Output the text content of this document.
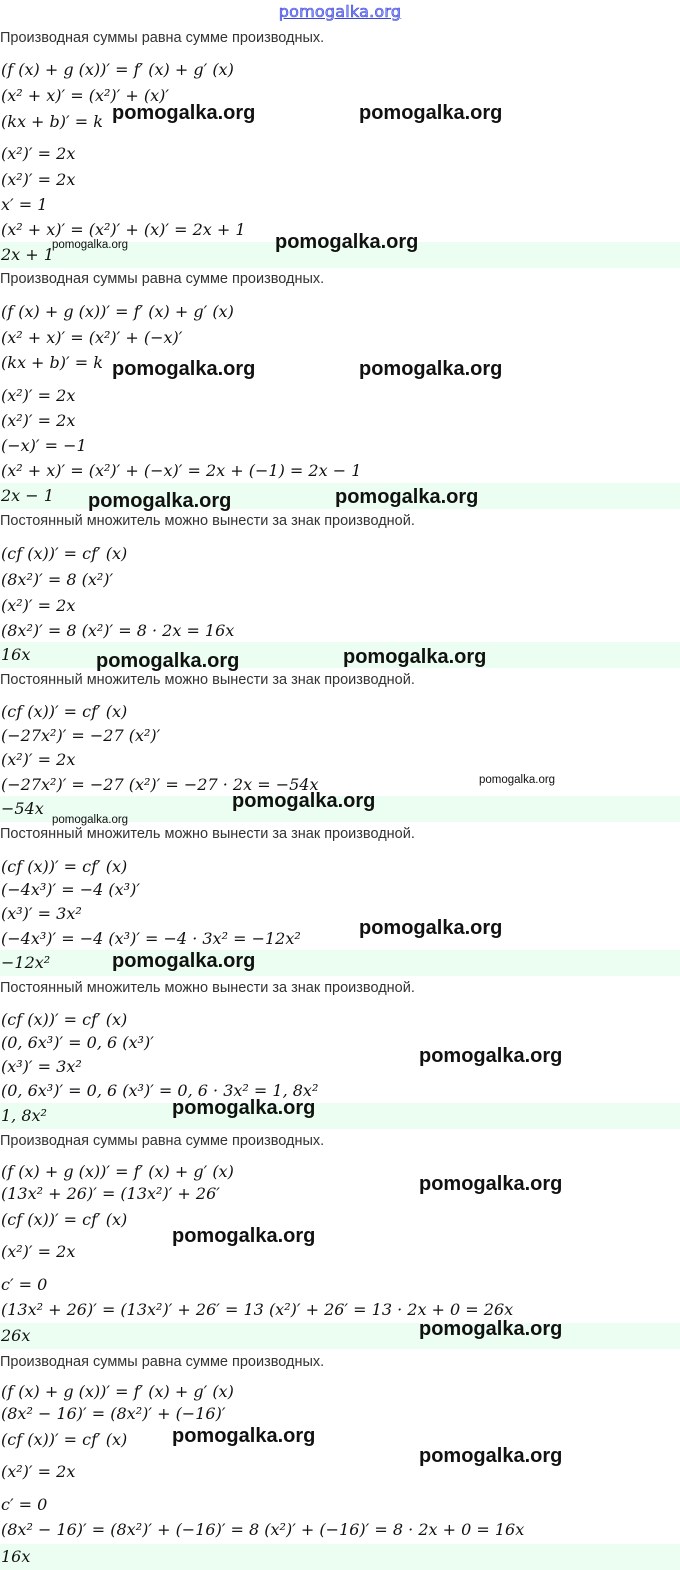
pomogalka.org
Производная суммы равна сумме производных.
(f (x) + g (x))′ = f′ (x) + g′ (x)
(x² + x)′ = (x²)′ + (x)′
(kx + b)′ = k
(x²)′ = 2x
(x²)′ = 2x
x′ = 1
(x² + x)′ = (x²)′ + (x)′ = 2x + 1
2x + 1
Производная суммы равна сумме производных.
(f (x) + g (x))′ = f′ (x) + g′ (x)
(x² + x)′ = (x²)′ + (−x)′
(kx + b)′ = k
(x²)′ = 2x
(x²)′ = 2x
(−x)′ = −1
(x² + x)′ = (x²)′ + (−x)′ = 2x + (−1) = 2x − 1
2x − 1
Постоянный множитель можно вынести за знак производной.
(cf (x))′ = cf′ (x)
(8x²)′ = 8 (x²)′
(x²)′ = 2x
(8x²)′ = 8 (x²)′ = 8 · 2x = 16x
16x
Постоянный множитель можно вынести за знак производной.
(cf (x))′ = cf′ (x)
(−27x²)′ = −27 (x²)′
(x²)′ = 2x
(−27x²)′ = −27 (x²)′ = −27 · 2x = −54x
−54x
Постоянный множитель можно вынести за знак производной.
(cf (x))′ = cf′ (x)
(−4x³)′ = −4 (x³)′
(x³)′ = 3x²
(−4x³)′ = −4 (x³)′ = −4 · 3x² = −12x²
−12x²
Постоянный множитель можно вынести за знак производной.
(cf (x))′ = cf′ (x)
(0, 6x³)′ = 0, 6 (x³)′
(x³)′ = 3x²
(0, 6x³)′ = 0, 6 (x³)′ = 0, 6 · 3x² = 1, 8x²
1, 8x²
Производная суммы равна сумме производных.
(f (x) + g (x))′ = f′ (x) + g′ (x)
(13x² + 26)′ = (13x²)′ + 26′
(cf (x))′ = cf′ (x)
(x²)′ = 2x
c′ = 0
(13x² + 26)′ = (13x²)′ + 26′ = 13 (x²)′ + 26′ = 13 · 2x + 0 = 26x
26x
Производная суммы равна сумме производных.
(f (x) + g (x))′ = f′ (x) + g′ (x)
(8x² − 16)′ = (8x²)′ + (−16)′
(cf (x))′ = cf′ (x)
(x²)′ = 2x
c′ = 0
(8x² − 16)′ = (8x²)′ + (−16)′ = 8 (x²)′ + (−16)′ = 8 · 2x + 0 = 16x
16x
pomogalka.org	pomogalka.org
pomogalka.org
pomogalka.org
pomogalka.org	pomogalka.org
pomogalka.org	pomogalka.org
pomogalka.org	pomogalka.org
pomogalka.org
pomogalka.org
pomogalka.org
pomogalka.org
pomogalka.org
pomogalka.org
pomogalka.org
pomogalka.org
pomogalka.org
pomogalka.org
pomogalka.org
pomogalka.org
